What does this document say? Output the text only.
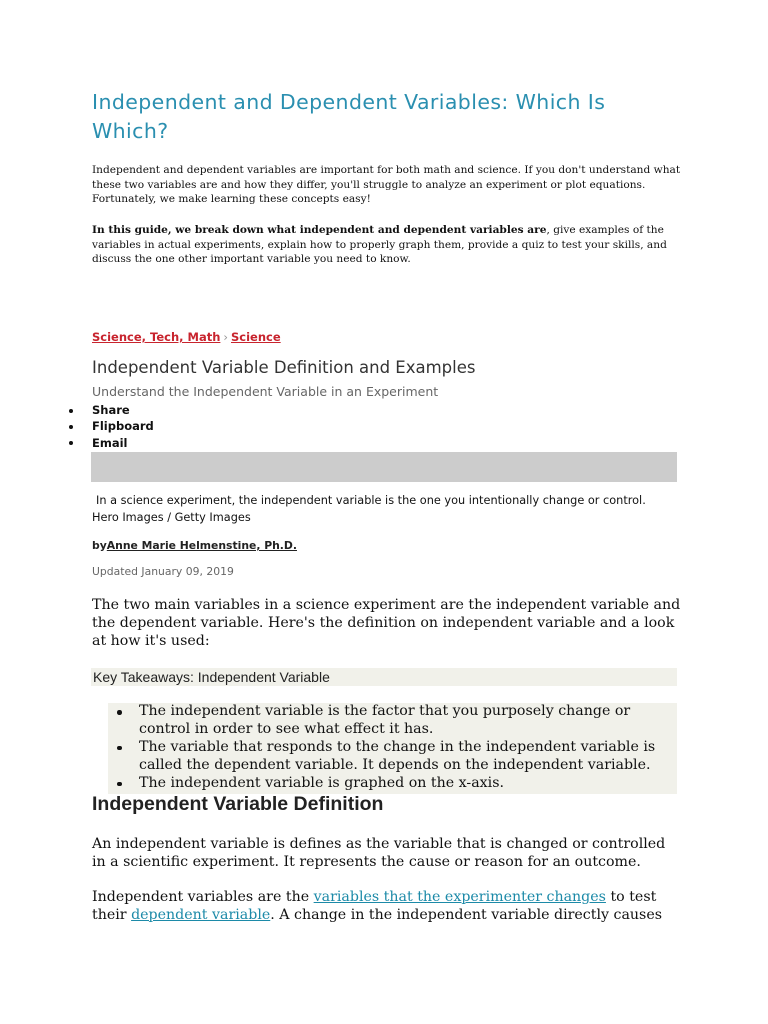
Independent and Dependent Variables: Which Is Which?

Independent and dependent variables are important for both math and science. If you don't understand what these two variables are and how they differ, you'll struggle to analyze an experiment or plot equations. Fortunately, we make learning these concepts easy!

In this guide, we break down what independent and dependent variables are, give examples of the variables in actual experiments, explain how to properly graph them, provide a quiz to test your skills, and discuss the one other important variable you need to know.

Science, Tech, Math › Science
Independent Variable Definition and Examples

Understand the Independent Variable in an Experiment

Share
Flipboard
Email

In a science experiment, the independent variable is the one you intentionally change or control.

Hero Images / Getty Images

byAnne Marie Helmenstine, Ph.D.

Updated January 09, 2019

The two main variables in a science experiment are the independent variable and the dependent variable. Here's the definition on independent variable and a look at how it's used:

Key Takeaways: Independent Variable

The independent variable is the factor that you purposely change or control in order to see what effect it has.
The variable that responds to the change in the independent variable is called the dependent variable. It depends on the independent variable.
The independent variable is graphed on the x-axis.
Independent Variable Definition

An independent variable is defines as the variable that is changed or controlled in a scientific experiment. It represents the cause or reason for an outcome.

Independent variables are the variables that the experimenter changes to test their dependent variable. A change in the independent variable directly causes
